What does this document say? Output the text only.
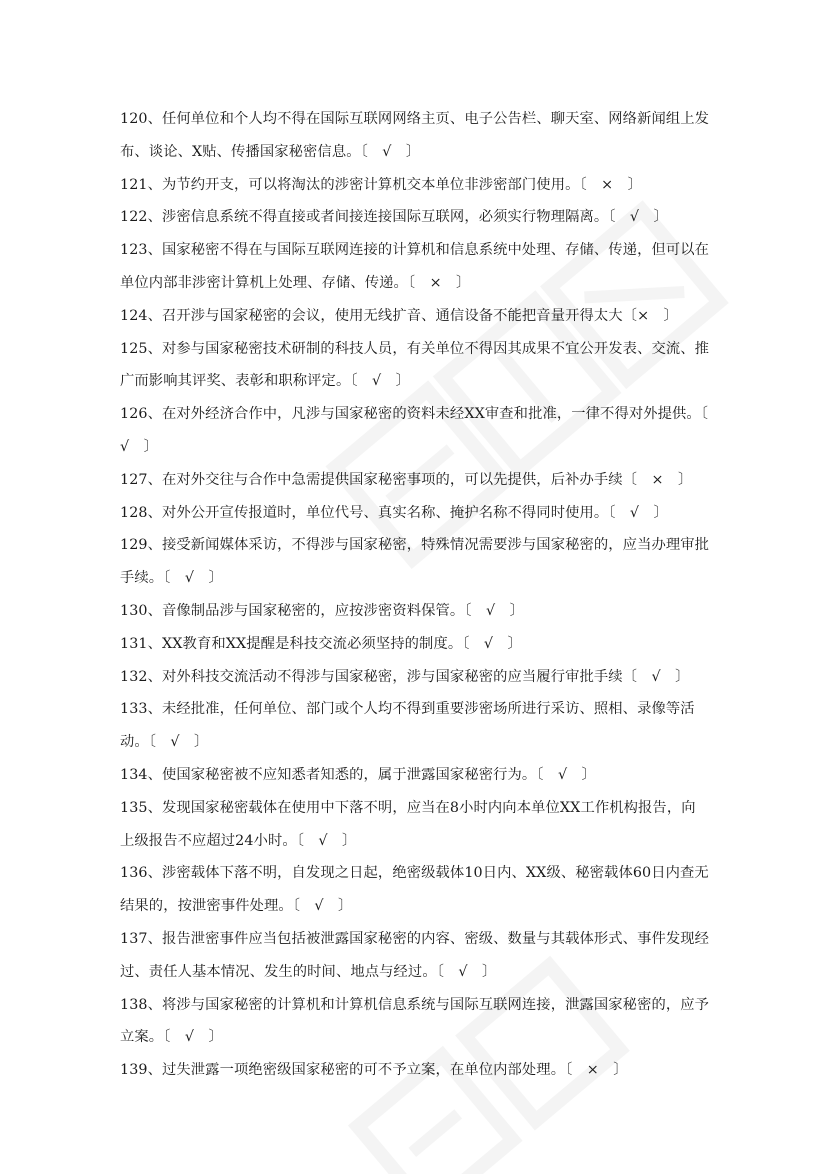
120、任何单位和个人均不得在国际互联网网络主页、电子公告栏、聊天室、网络新闻组上发布、谈论、X贴、传播国家秘密信息。〔　√　〕
121、为节约开支，可以将淘汰的涉密计算机交本单位非涉密部门使用。〔　×　〕
122、涉密信息系统不得直接或者间接连接国际互联网，必须实行物理隔离。〔　√　〕
123、国家秘密不得在与国际互联网连接的计算机和信息系统中处理、存储、传递，但可以在单位内部非涉密计算机上处理、存储、传递。〔　×　〕
124、召开涉与国家秘密的会议，使用无线扩音、通信设备不能把音量开得太大〔×　〕
125、对参与国家秘密技术研制的科技人员，有关单位不得因其成果不宜公开发表、交流、推广而影响其评奖、表彰和职称评定。〔　√　〕
126、在对外经济合作中，凡涉与国家秘密的资料未经XX审查和批准，一律不得对外提供。〔　√　〕
127、在对外交往与合作中急需提供国家秘密事项的，可以先提供，后补办手续〔　×　〕
128、对外公开宣传报道时，单位代号、真实名称、掩护名称不得同时使用。〔　√　〕
129、接受新闻媒体采访，不得涉与国家秘密，特殊情况需要涉与国家秘密的，应当办理审批手续。〔　√　〕
130、音像制品涉与国家秘密的，应按涉密资料保管。〔　√　〕
131、XX教育和XX提醒是科技交流必须坚持的制度。〔　√　〕
132、对外科技交流活动不得涉与国家秘密，涉与国家秘密的应当履行审批手续〔　√　〕
133、未经批准，任何单位、部门或个人均不得到重要涉密场所进行采访、照相、录像等活动。〔　√　〕
134、使国家秘密被不应知悉者知悉的，属于泄露国家秘密行为。〔　√　〕
135、发现国家秘密载体在使用中下落不明，应当在8小时内向本单位XX工作机构报告，向上级报告不应超过24小时。〔　√　〕
136、涉密载体下落不明，自发现之日起，绝密级载体10日内、XX级、秘密载体60日内查无结果的，按泄密事件处理。〔　√　〕
137、报告泄密事件应当包括被泄露国家秘密的内容、密级、数量与其载体形式、事件发现经过、责任人基本情况、发生的时间、地点与经过。〔　√　〕
138、将涉与国家秘密的计算机和计算机信息系统与国际互联网连接，泄露国家秘密的，应予立案。〔　√　〕
139、过失泄露一项绝密级国家秘密的可不予立案，在单位内部处理。〔　×　〕
